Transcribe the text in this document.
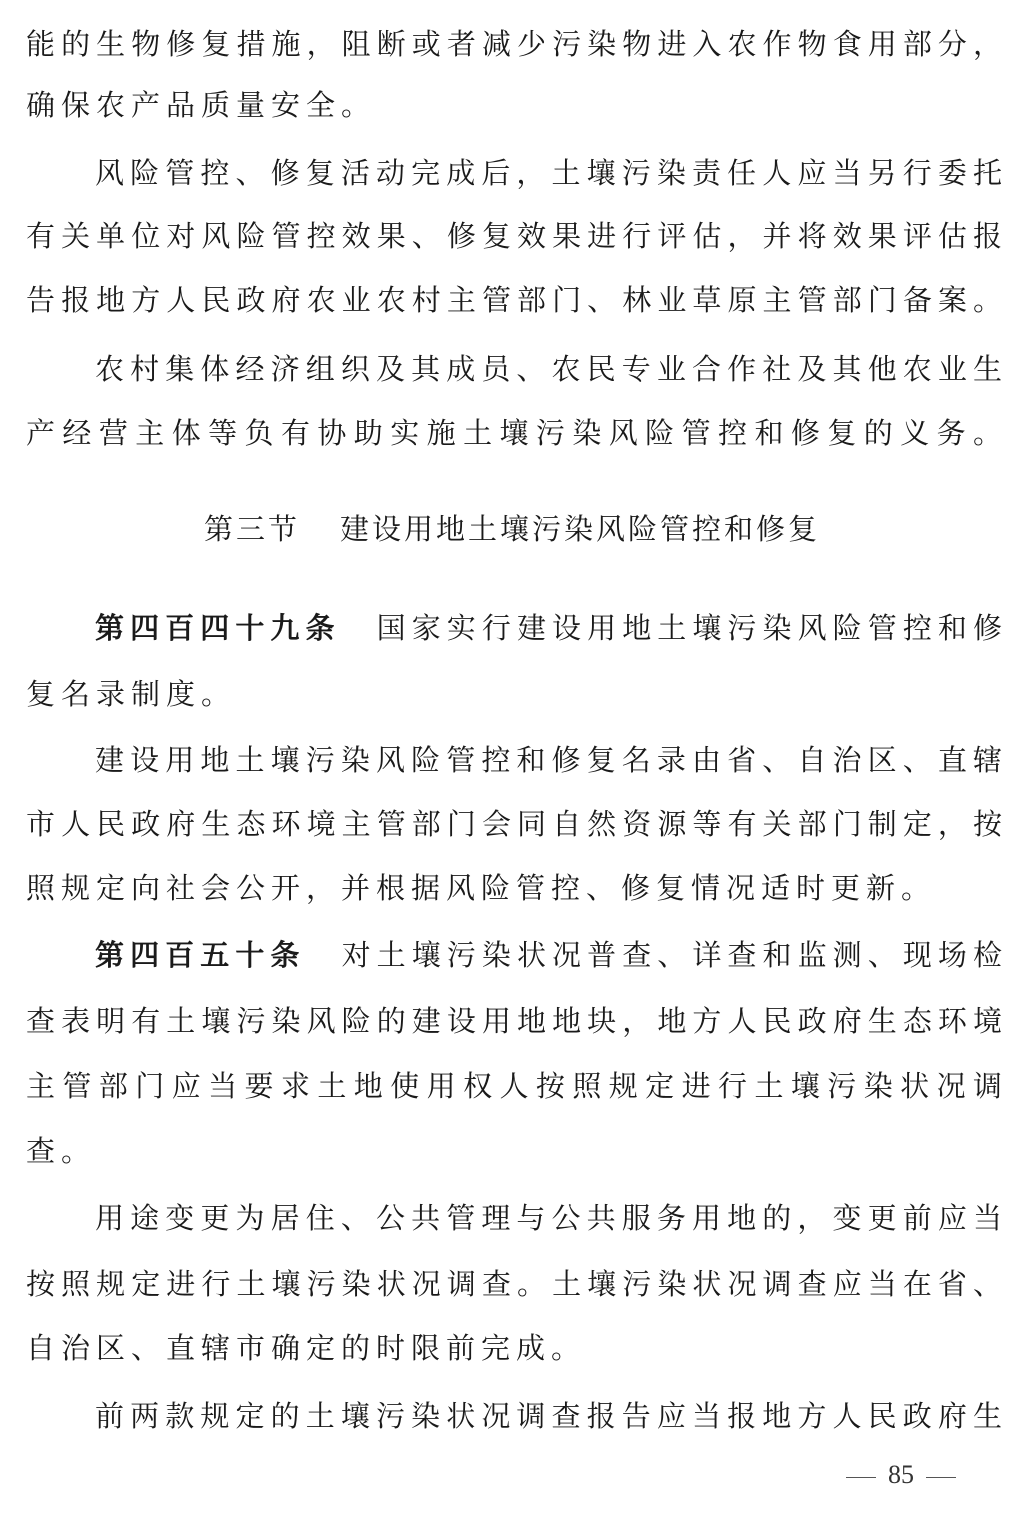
能的生物修复措施，阻断或者减少污染物进入农作物食用部分，
确保农产品质量安全。
风险管控、修复活动完成后，土壤污染责任人应当另行委托
有关单位对风险管控效果、修复效果进行评估，并将效果评估报
告报地方人民政府农业农村主管部门、林业草原主管部门备案。
农村集体经济组织及其成员、农民专业合作社及其他农业生
产经营主体等负有协助实施土壤污染风险管控和修复的义务。
第三节 建设用地土壤污染风险管控和修复
第四百四十九条 国家实行建设用地土壤污染风险管控和修
复名录制度。
建设用地土壤污染风险管控和修复名录由省、自治区、直辖
市人民政府生态环境主管部门会同自然资源等有关部门制定，按
照规定向社会公开，并根据风险管控、修复情况适时更新。
第四百五十条 对土壤污染状况普查、详查和监测、现场检
查表明有土壤污染风险的建设用地地块，地方人民政府生态环境
主管部门应当要求土地使用权人按照规定进行土壤污染状况调
查。
用途变更为居住、公共管理与公共服务用地的，变更前应当
按照规定进行土壤污染状况调查。土壤污染状况调查应当在省、
自治区、直辖市确定的时限前完成。
前两款规定的土壤污染状况调查报告应当报地方人民政府生
85
